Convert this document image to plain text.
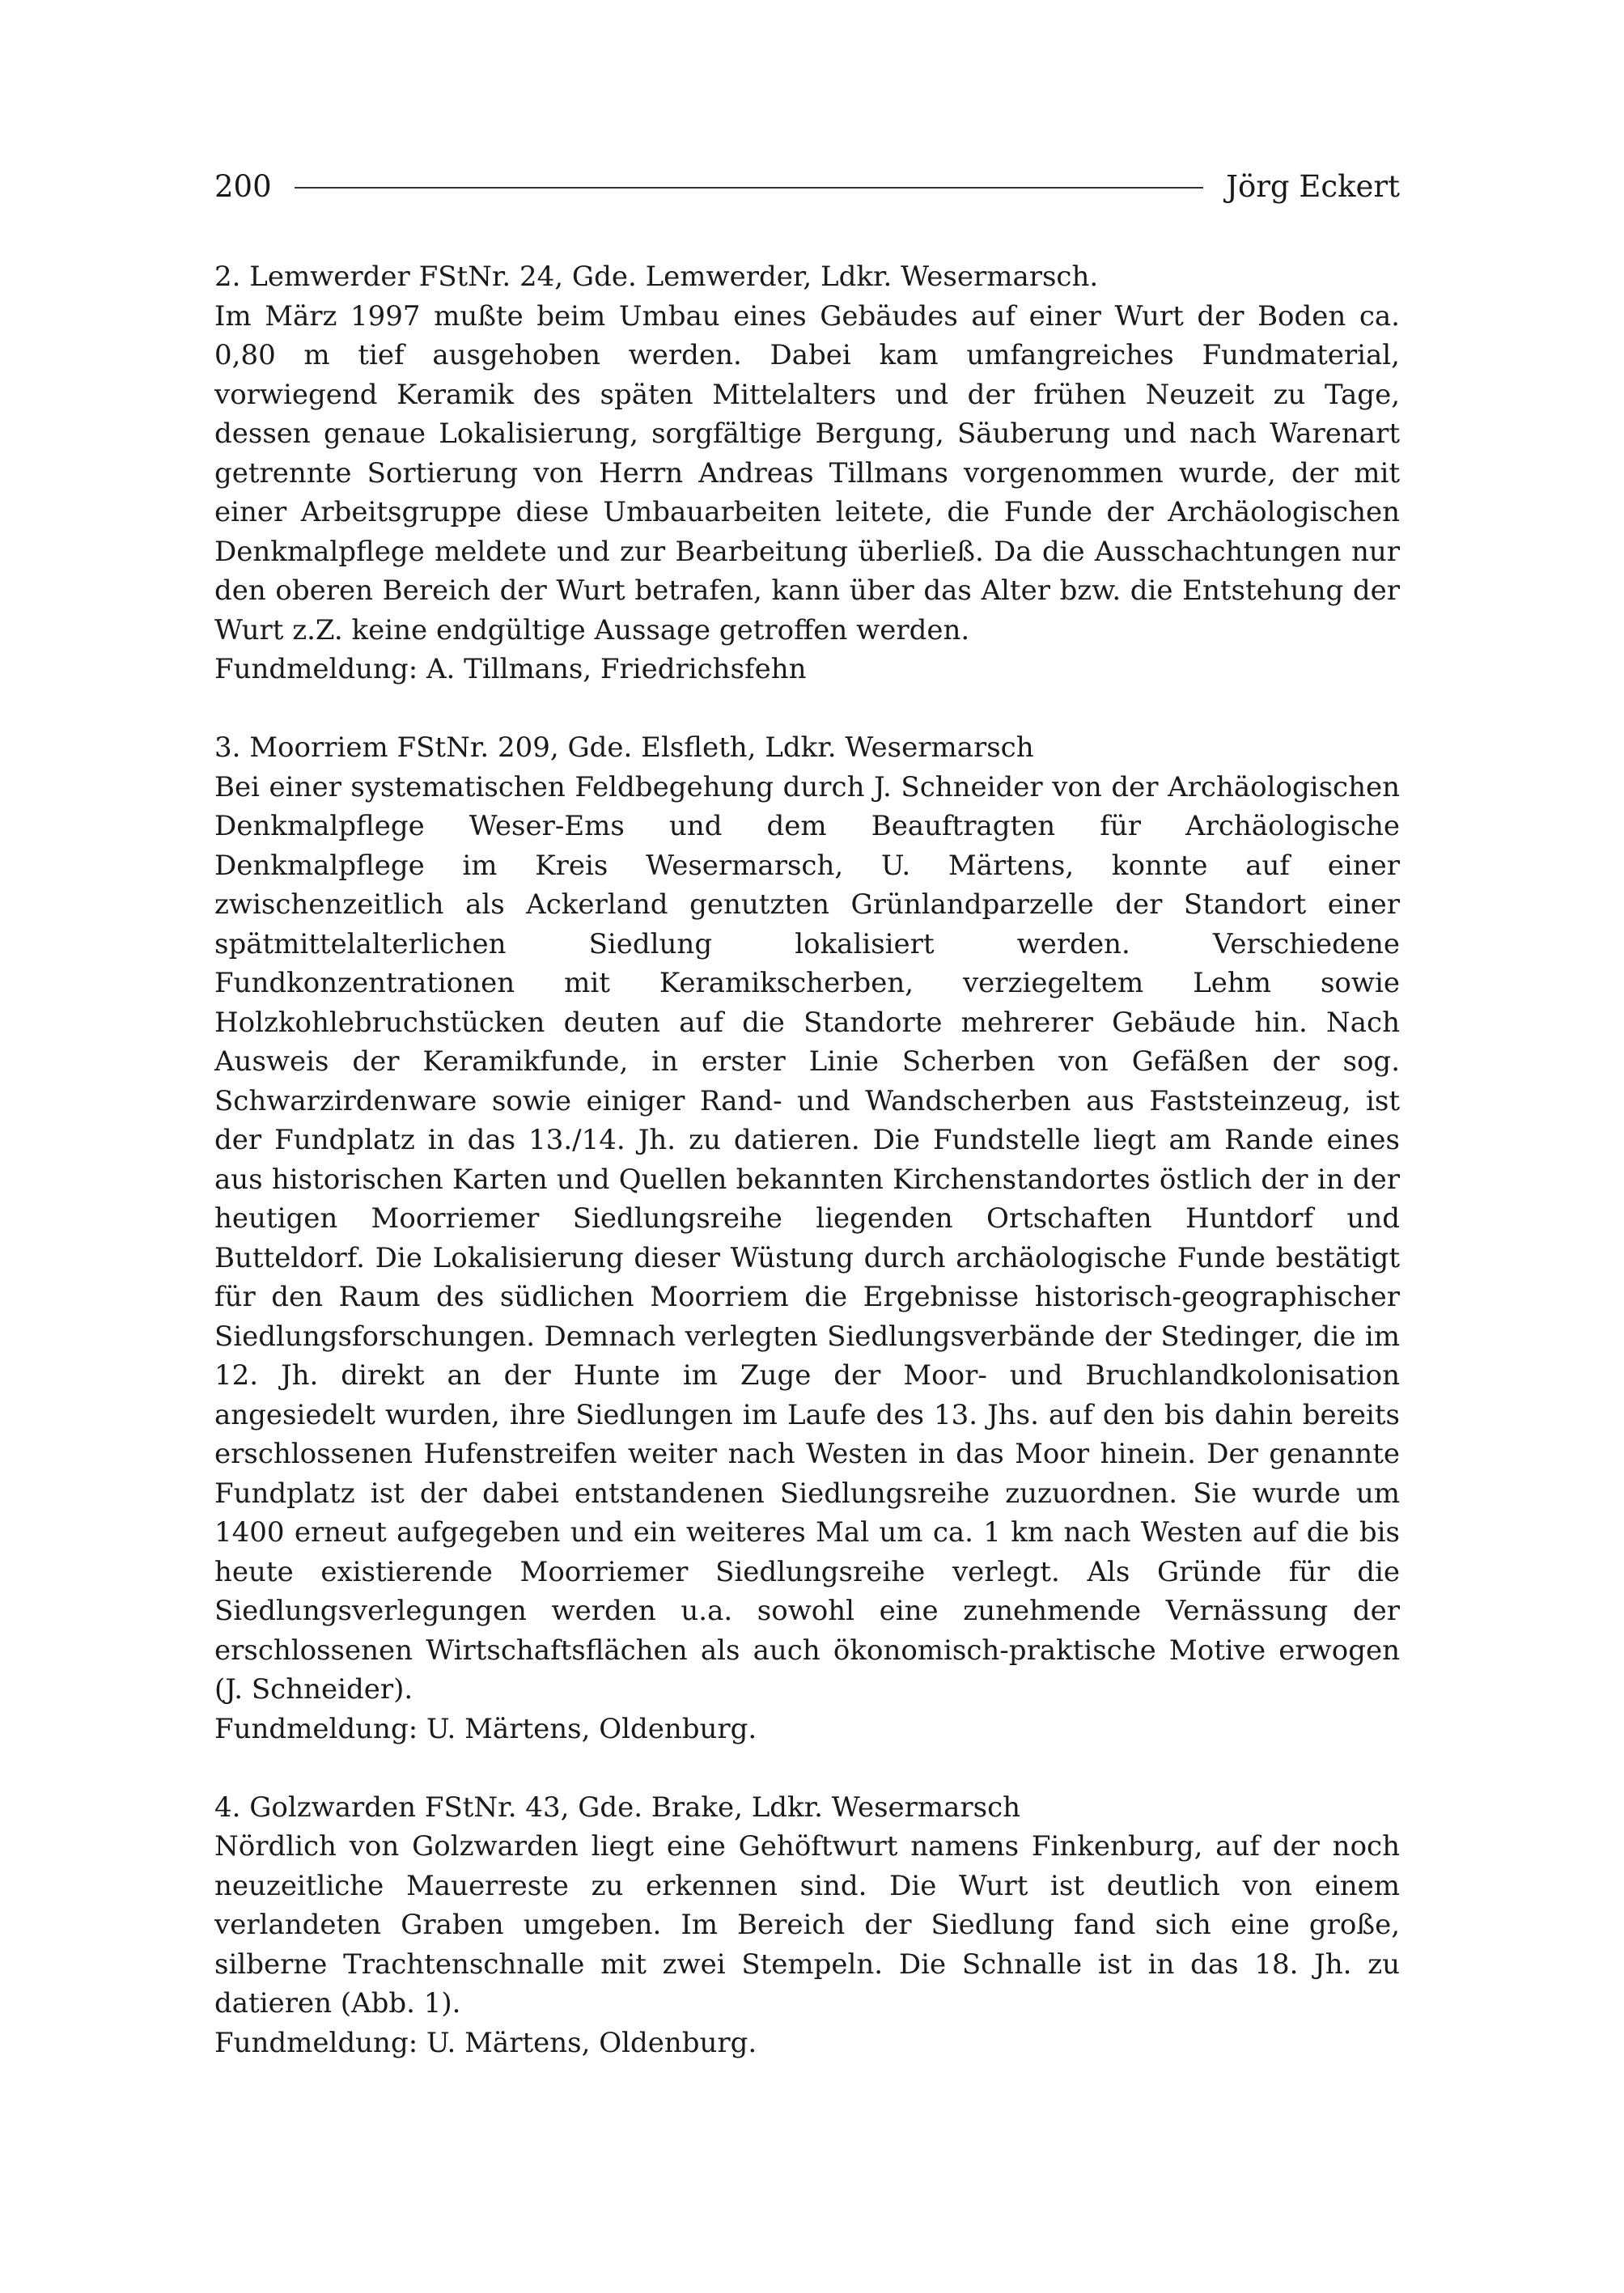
200	Jörg Eckert

2. Lemwerder FStNr. 24, Gde. Lemwerder, Ldkr. Wesermarsch.

Im März 1997 mußte beim Umbau eines Gebäudes auf einer Wurt der Boden ca. 0,80 m tief ausgehoben werden. Dabei kam umfangreiches Fundmaterial, vorwiegend Keramik des späten Mittelalters und der frühen Neuzeit zu Tage, dessen genaue Lokalisierung, sorgfältige Bergung, Säuberung und nach Warenart getrennte Sortierung von Herrn Andreas Tillmans vorgenommen wurde, der mit einer Arbeitsgruppe diese Umbauarbeiten leitete, die Funde der Archäologischen Denkmalpflege meldete und zur Bearbeitung überließ. Da die Ausschachtungen nur den oberen Bereich der Wurt betrafen, kann über das Alter bzw. die Entstehung der Wurt z.Z. keine endgültige Aussage getroffen werden.

Fundmeldung: A. Tillmans, Friedrichsfehn

3. Moorriem FStNr. 209, Gde. Elsfleth, Ldkr. Wesermarsch

Bei einer systematischen Feldbegehung durch J. Schneider von der Archäologischen Denkmalpflege Weser-Ems und dem Beauftragten für Archäologische Denkmalpflege im Kreis Wesermarsch, U. Märtens, konnte auf einer zwischenzeitlich als Ackerland genutzten Grünlandparzelle der Standort einer spätmittelalterlichen Siedlung lokalisiert werden. Verschiedene Fundkonzentrationen mit Keramikscherben, verziegeltem Lehm sowie Holzkohlebruchstücken deuten auf die Standorte mehrerer Gebäude hin. Nach Ausweis der Keramikfunde, in erster Linie Scherben von Gefäßen der sog. Schwarzirdenware sowie einiger Rand- und Wandscherben aus Faststeinzeug, ist der Fundplatz in das 13./14. Jh. zu datieren. Die Fundstelle liegt am Rande eines aus historischen Karten und Quellen bekannten Kirchenstandortes östlich der in der heutigen Moorriemer Siedlungsreihe liegenden Ortschaften Huntdorf und Butteldorf. Die Lokalisierung dieser Wüstung durch archäologische Funde bestätigt für den Raum des südlichen Moorriem die Ergebnisse historisch-geographischer Siedlungsforschungen. Demnach verlegten Siedlungsverbände der Stedinger, die im 12. Jh. direkt an der Hunte im Zuge der Moor- und Bruchlandkolonisation angesiedelt wurden, ihre Siedlungen im Laufe des 13. Jhs. auf den bis dahin bereits erschlossenen Hufenstreifen weiter nach Westen in das Moor hinein. Der genannte Fundplatz ist der dabei entstandenen Siedlungsreihe zuzuordnen. Sie wurde um 1400 erneut aufgegeben und ein weiteres Mal um ca. 1 km nach Westen auf die bis heute existierende Moorriemer Siedlungsreihe verlegt. Als Gründe für die Siedlungsverlegungen werden u.a. sowohl eine zunehmende Vernässung der erschlossenen Wirtschaftsflächen als auch ökonomisch-praktische Motive erwogen (J. Schneider).

Fundmeldung: U. Märtens, Oldenburg.

4. Golzwarden FStNr. 43, Gde. Brake, Ldkr. Wesermarsch

Nördlich von Golzwarden liegt eine Gehöftwurt namens Finkenburg, auf der noch neuzeitliche Mauerreste zu erkennen sind. Die Wurt ist deutlich von einem verlandeten Graben umgeben. Im Bereich der Siedlung fand sich eine große, silberne Trachtenschnalle mit zwei Stempeln. Die Schnalle ist in das 18. Jh. zu datieren (Abb. 1).

Fundmeldung: U. Märtens, Oldenburg.
